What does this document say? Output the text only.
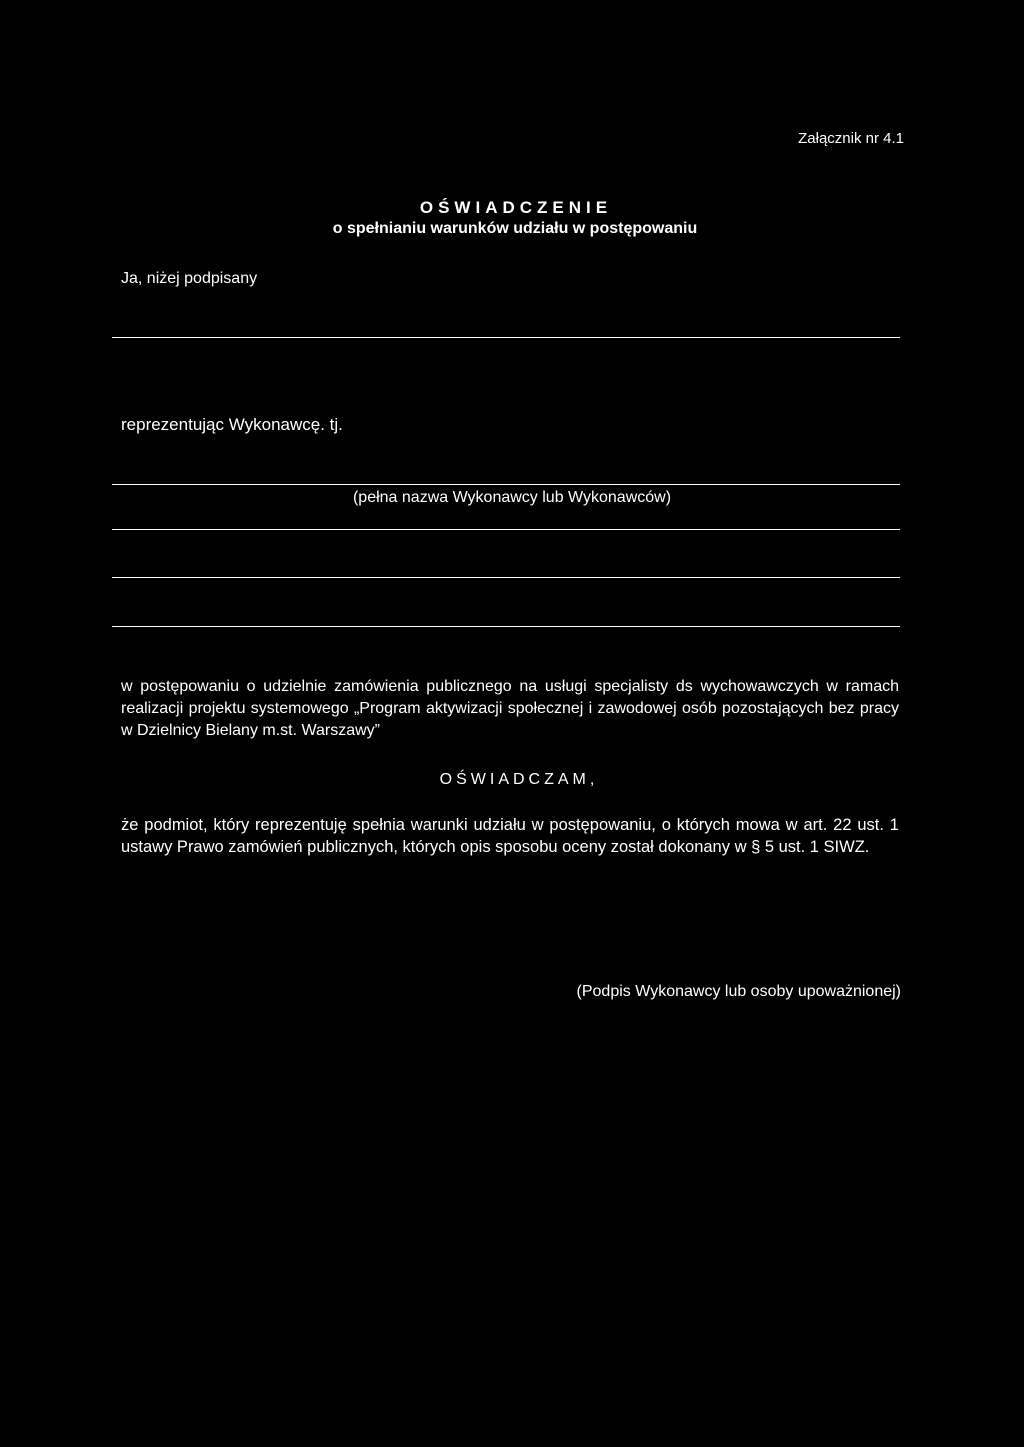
Załącznik nr 4.1
OŚWIADCZENIE
o spełnianiu warunków udziału w postępowaniu
Ja, niżej podpisany
reprezentując Wykonawcę. tj.
(pełna nazwa Wykonawcy lub Wykonawców)
w postępowaniu o udzielnie zamówienia publicznego na usługi specjalisty ds wychowawczych w ramach realizacji projektu systemowego „Program aktywizacji społecznej i zawodowej osób pozostających bez pracy w Dzielnicy Bielany m.st. Warszawy”
OŚWIADCZAM,
że podmiot, który reprezentuję spełnia warunki udziału w postępowaniu, o których mowa w art. 22 ust. 1 ustawy Prawo zamówień publicznych, których opis sposobu oceny został dokonany w § 5 ust. 1 SIWZ.
(Podpis Wykonawcy lub osoby upoważnionej)
